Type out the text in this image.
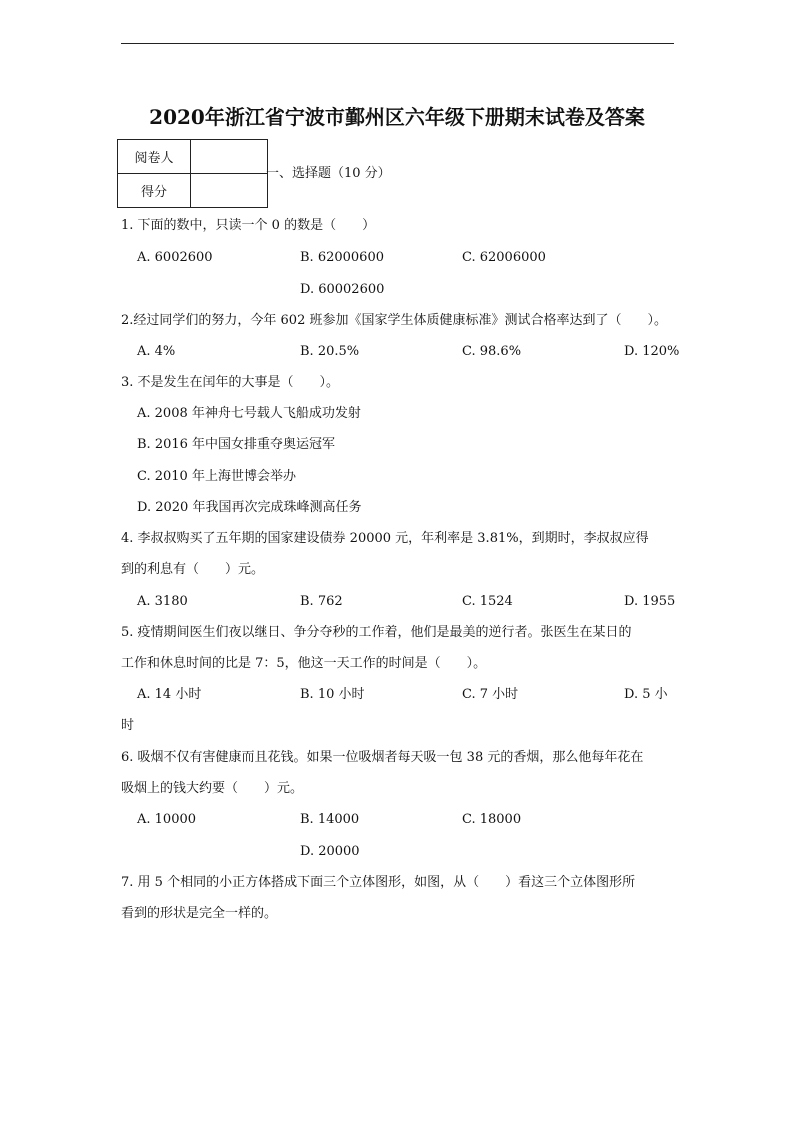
2020年浙江省宁波市鄞州区六年级下册期末试卷及答案
阅卷人	
得分	
一、选择题（10 分）
1. 下面的数中，只读一个 0 的数是（　　）
A. 6002600	B. 62000600	C. 62006000
D. 60002600
2.经过同学们的努力，今年 602 班参加《国家学生体质健康标准》测试合格率达到了（　　）。
A. 4%	B. 20.5%	C. 98.6%	D. 120%
3. 不是发生在闰年的大事是（　　）。
A. 2008 年神舟七号载人飞船成功发射
B. 2016 年中国女排重夺奥运冠军
C. 2010 年上海世博会举办
D. 2020 年我国再次完成珠峰测高任务
4. 李叔叔购买了五年期的国家建设债券 20000 元，年利率是 3.81%，到期时，李叔叔应得
到的利息有（　　）元。
A. 3180	B. 762	C. 1524	D. 1955
5. 疫情期间医生们夜以继日、争分夺秒的工作着，他们是最美的逆行者。张医生在某日的
工作和休息时间的比是 7：5，他这一天工作的时间是（　　）。
A. 14 小时	B. 10 小时	C. 7 小时	D. 5 小
时
6. 吸烟不仅有害健康而且花钱。如果一位吸烟者每天吸一包 38 元的香烟，那么他每年花在
吸烟上的钱大约要（　　）元。
A. 10000	B. 14000	C. 18000
D. 20000
7. 用 5 个相同的小正方体搭成下面三个立体图形，如图，从（　　）看这三个立体图形所
看到的形状是完全一样的。
